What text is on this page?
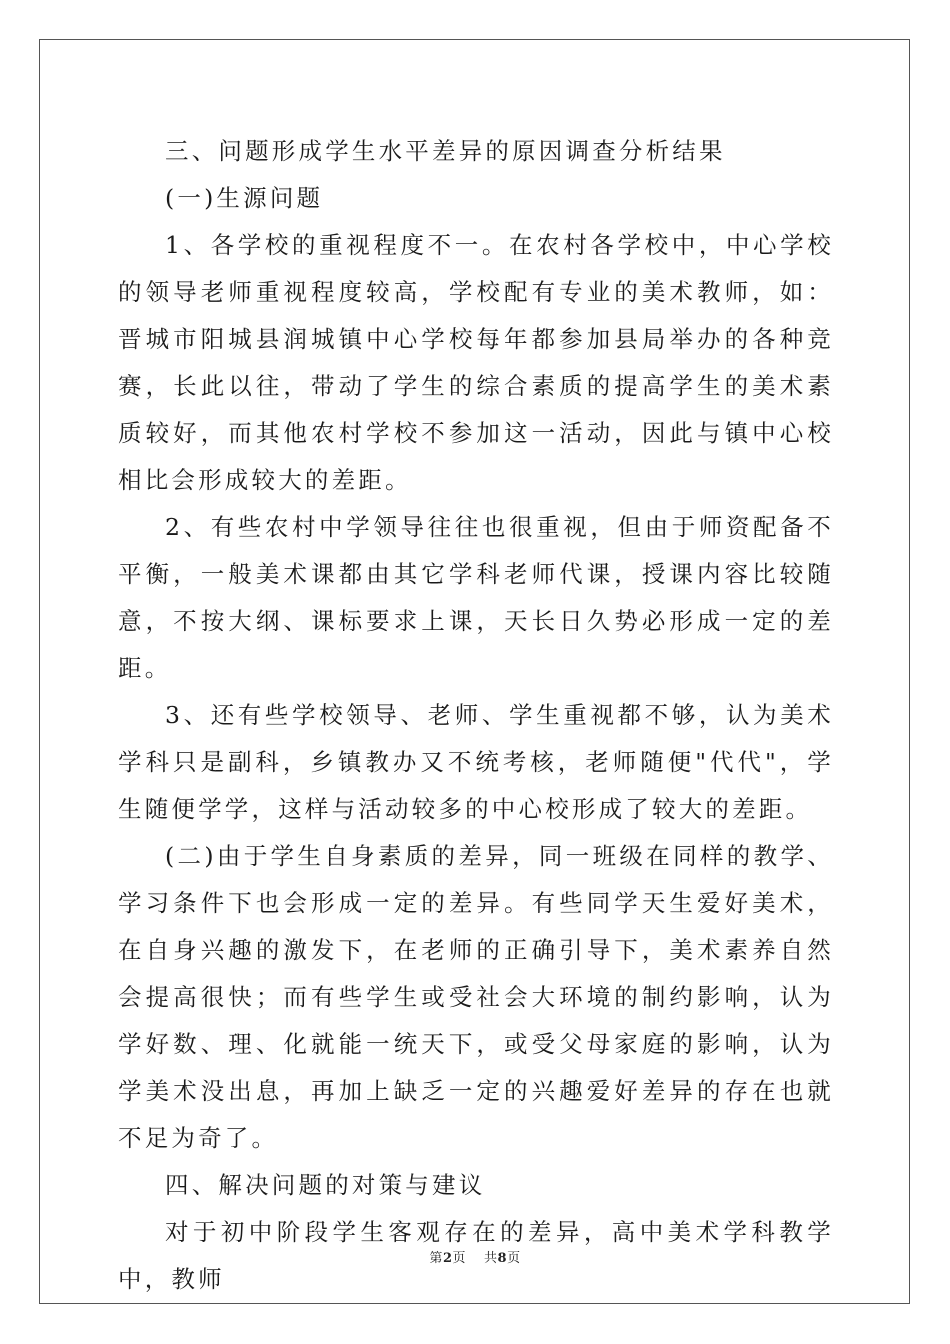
三、问题形成学生水平差异的原因调查分析结果

(一)生源问题

1、各学校的重视程度不一。在农村各学校中，中心学校的领导老师重视程度较高，学校配有专业的美术教师，如：晋城市阳城县润城镇中心学校每年都参加县局举办的各种竞赛，长此以往，带动了学生的综合素质的提高学生的美术素质较好，而其他农村学校不参加这一活动，因此与镇中心校相比会形成较大的差距。

2、有些农村中学领导往往也很重视，但由于师资配备不平衡，一般美术课都由其它学科老师代课，授课内容比较随意，不按大纲、课标要求上课，天长日久势必形成一定的差距。

3、还有些学校领导、老师、学生重视都不够，认为美术学科只是副科，乡镇教办又不统考核，老师随便"代代"，学生随便学学，这样与活动较多的中心校形成了较大的差距。

(二)由于学生自身素质的差异，同一班级在同样的教学、学习条件下也会形成一定的差异。有些同学天生爱好美术，在自身兴趣的激发下，在老师的正确引导下，美术素养自然会提高很快；而有些学生或受社会大环境的制约影响，认为学好数、理、化就能一统天下，或受父母家庭的影响，认为学美术没出息，再加上缺乏一定的兴趣爱好差异的存在也就不足为奇了。

四、解决问题的对策与建议

对于初中阶段学生客观存在的差异，高中美术学科教学中，教师

第2页 共8页
